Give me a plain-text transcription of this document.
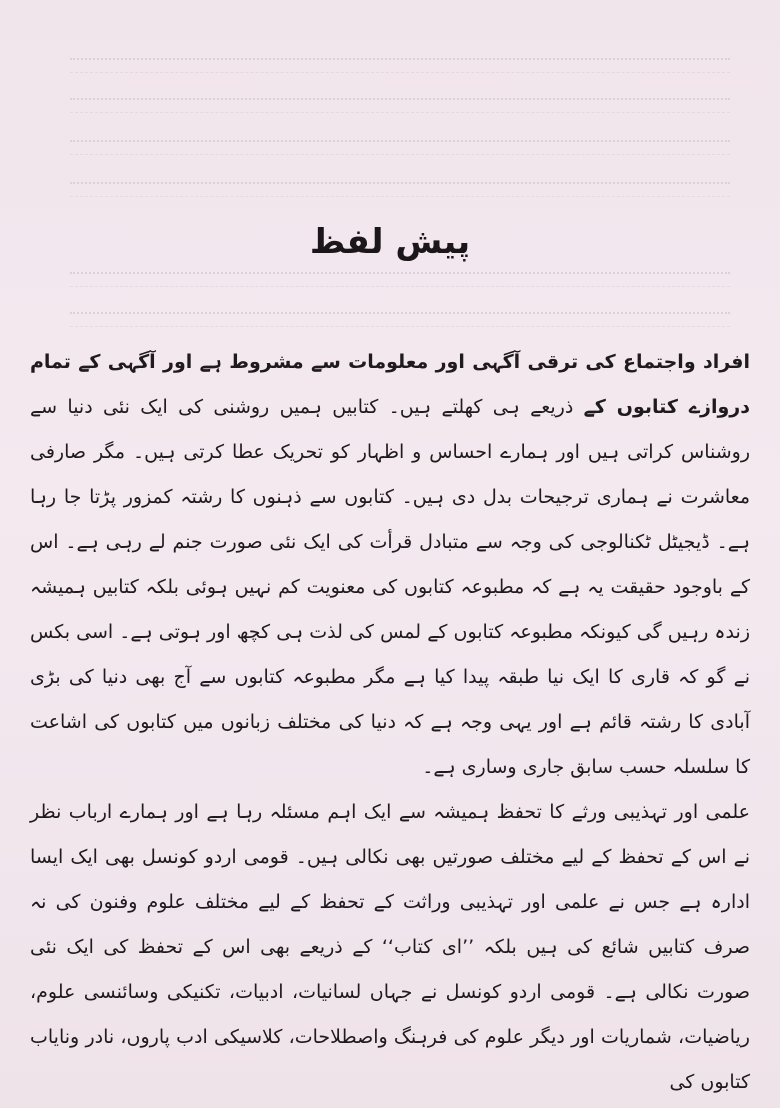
پیش لفظ

افراد واجتماع کی ترقی آگہی اور معلومات سے مشروط ہے اور آگہی کے تمام دروازے کتابوں کے ذریعے ہی کھلتے ہیں۔ کتابیں ہمیں روشنی کی ایک نئی دنیا سے روشناس کراتی ہیں اور ہمارے احساس و اظہار کو تحریک عطا کرتی ہیں۔ مگر صارفی معاشرت نے ہماری ترجیحات بدل دی ہیں۔ کتابوں سے ذہنوں کا رشتہ کمزور پڑتا جا رہا ہے۔ ڈیجیٹل ٹکنالوجی کی وجہ سے متبادل قرأت کی ایک نئی صورت جنم لے رہی ہے۔ اس کے باوجود حقیقت یہ ہے کہ مطبوعہ کتابوں کی معنویت کم نہیں ہوئی بلکہ کتابیں ہمیشہ زندہ رہیں گی کیونکہ مطبوعہ کتابوں کے لمس کی لذت ہی کچھ اور ہوتی ہے۔ اسی بکس نے گو کہ قاری کا ایک نیا طبقہ پیدا کیا ہے مگر مطبوعہ کتابوں سے آج بھی دنیا کی بڑی آبادی کا رشتہ قائم ہے اور یہی وجہ ہے کہ دنیا کی مختلف زبانوں میں کتابوں کی اشاعت کا سلسلہ حسب سابق جاری وساری ہے۔

علمی اور تہذیبی ورثے کا تحفظ ہمیشہ سے ایک اہم مسئلہ رہا ہے اور ہمارے ارباب نظر نے اس کے تحفظ کے لیے مختلف صورتیں بھی نکالی ہیں۔ قومی اردو کونسل بھی ایک ایسا ادارہ ہے جس نے علمی اور تہذیبی وراثت کے تحفظ کے لیے مختلف علوم وفنون کی نہ صرف کتابیں شائع کی ہیں بلکہ ’’ای کتاب‘‘ کے ذریعے بھی اس کے تحفظ کی ایک نئی صورت نکالی ہے۔ قومی اردو کونسل نے جہاں لسانیات، ادبیات، تکنیکی وسائنسی علوم، ریاضیات، شماریات اور دیگر علوم کی فرہنگ واصطلاحات، کلاسیکی ادب پاروں، نادر ونایاب کتابوں کی
